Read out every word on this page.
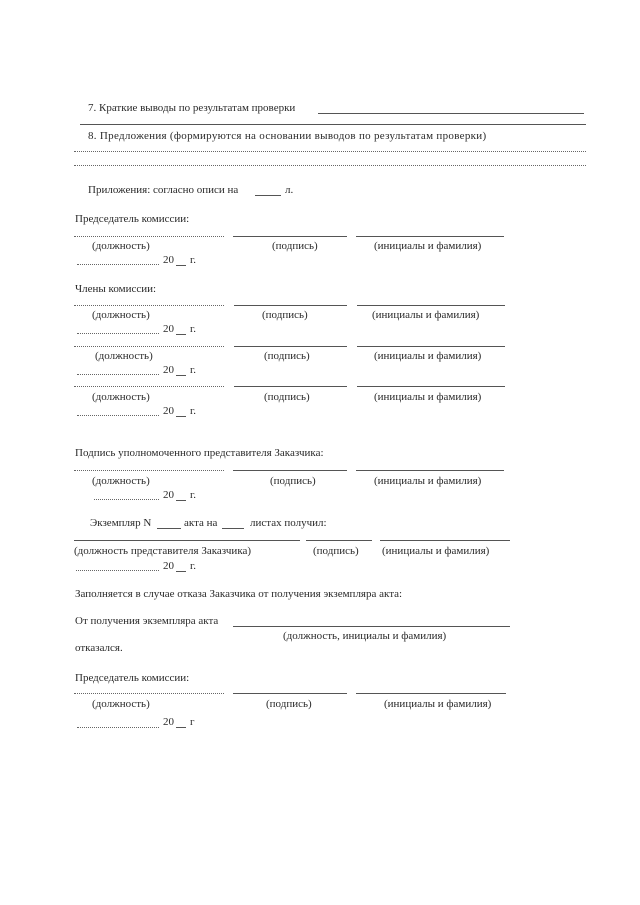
7. Краткие выводы по результатам проверки
8. Предложения (формируются на основании выводов по результатам проверки)
Приложения: согласно описи на	л.
Председатель комиссии:
(должность)	(подпись)	(инициалы и фамилия)
20 г.
Члены комиссии:
(должность)	(подпись)	(инициалы и фамилия)
20 г.
(должность)	(подпись)	(инициалы и фамилия)
20 г.
(должность)	(подпись)	(инициалы и фамилия)
20 г.
Подпись уполномоченного представителя Заказчика:
(должность)	(подпись)	(инициалы и фамилия)
20 г.
Экземпляр N	акта на	листах получил:
(должность представителя Заказчика)	(подпись) (инициалы и фамилия)
20 г.
Заполняется в случае отказа Заказчика от получения экземпляра акта:
От получения экземпляра акта
(должность, инициалы и фамилия)
отказался.
Председатель комиссии:
(должность)	(подпись)	(инициалы и фамилия)
20 г
